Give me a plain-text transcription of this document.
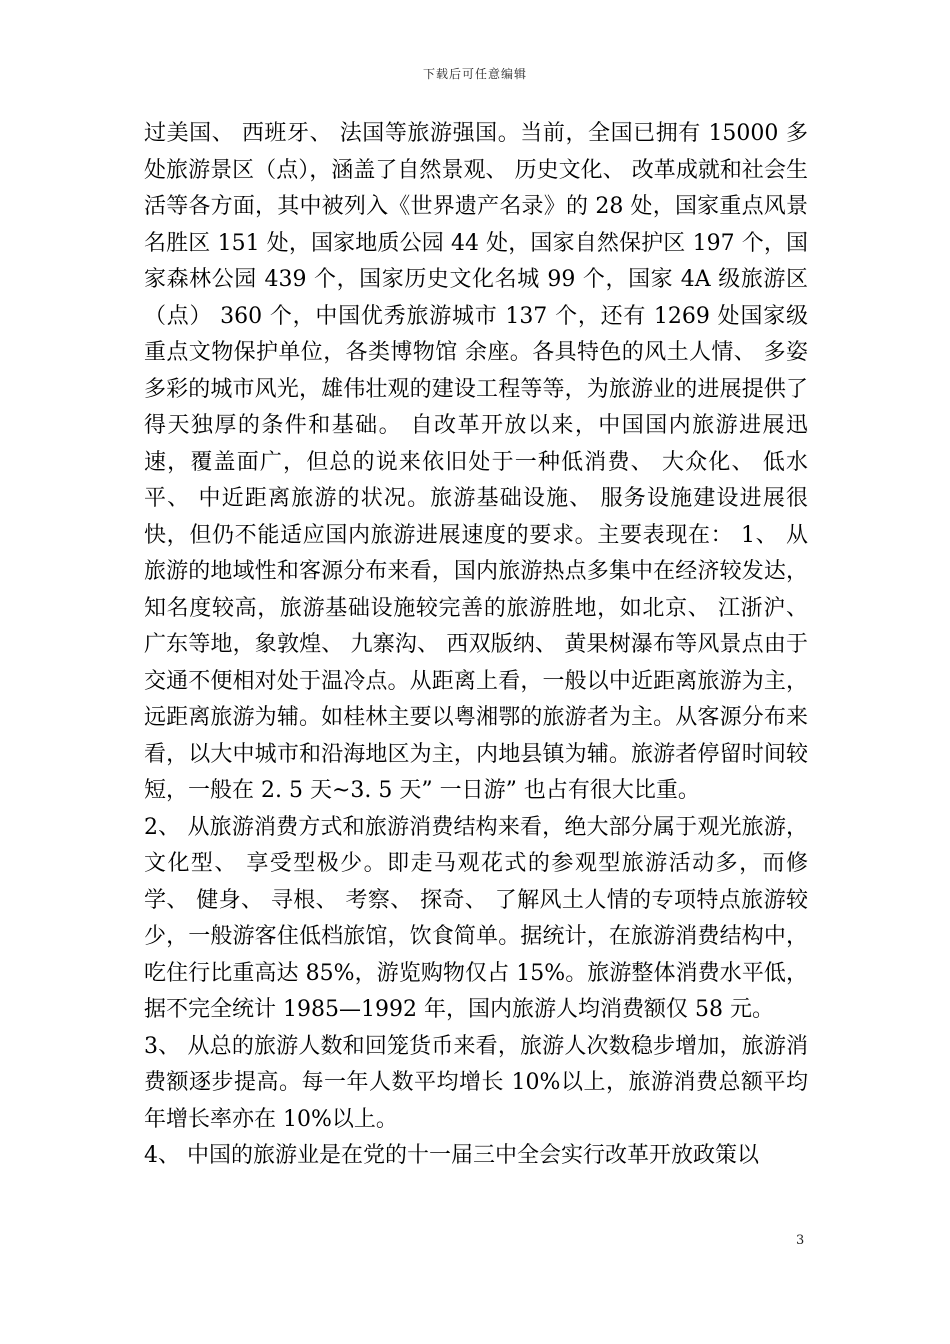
下载后可任意编辑

过美国、 西班牙、 法国等旅游强国。当前，全国已拥有 15000 多处旅游景区（点），涵盖了自然景观、 历史文化、 改革成就和社会生活等各方面，其中被列入《世界遗产名录》的 28 处，国家重点风景名胜区 151 处，国家地质公园 44 处，国家自然保护区 197 个，国家森林公园 439 个，国家历史文化名城 99 个，国家 4A 级旅游区（点） 360 个，中国优秀旅游城市 137 个，还有 1269 处国家级重点文物保护单位，各类博物馆 余座。各具特色的风土人情、 多姿多彩的城市风光，雄伟壮观的建设工程等等，为旅游业的进展提供了得天独厚的条件和基础。 自改革开放以来，中国国内旅游进展迅速，覆盖面广，但总的说来依旧处于一种低消费、 大众化、 低水平、 中近距离旅游的状况。旅游基础设施、 服务设施建设进展很快，但仍不能适应国内旅游进展速度的要求。主要表现在： 1、 从旅游的地域性和客源分布来看，国内旅游热点多集中在经济较发达，知名度较高，旅游基础设施较完善的旅游胜地，如北京、 江浙沪、 广东等地，象敦煌、 九寨沟、 西双版纳、 黄果树瀑布等风景点由于交通不便相对处于温冷点。从距离上看，一般以中近距离旅游为主，远距离旅游为辅。如桂林主要以粤湘鄂的旅游者为主。从客源分布来看，以大中城市和沿海地区为主，内地县镇为辅。旅游者停留时间较短，一般在 2. 5 天~3. 5 天” 一日游” 也占有很大比重。

2、 从旅游消费方式和旅游消费结构来看，绝大部分属于观光旅游，文化型、 享受型极少。即走马观花式的参观型旅游活动多，而修学、 健身、 寻根、 考察、 探奇、 了解风土人情的专项特点旅游较少，一般游客住低档旅馆，饮食简单。据统计，在旅游消费结构中，吃住行比重高达 85%，游览购物仅占 15%。旅游整体消费水平低，据不完全统计 1985—1992 年，国内旅游人均消费额仅 58 元。

3、 从总的旅游人数和回笼货币来看，旅游人次数稳步增加，旅游消费额逐步提高。每一年人数平均增长 10%以上，旅游消费总额平均年增长率亦在 10%以上。

4、 中国的旅游业是在党的十一届三中全会实行改革开放政策以

3
